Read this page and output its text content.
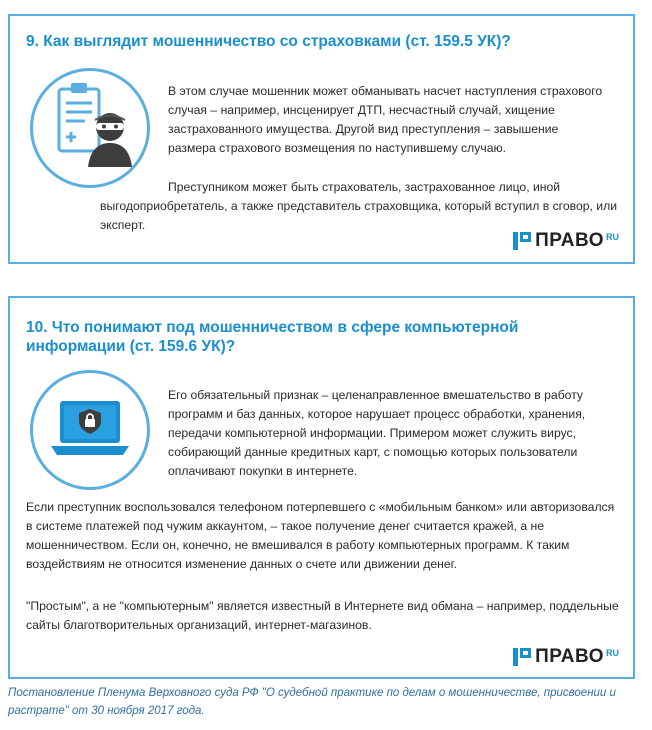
9. Как выглядит мошенничество со страховками (ст. 159.5 УК)?

В этом случае мошенник может обманывать насчет наступления страхового случая – например, инсценирует ДТП, несчастный случай, хищение застрахованного имущества. Другой вид преступления – завышение размера страхового возмещения по наступившему случаю.

Преступником может быть страхователь, застрахованное лицо, иной выгодоприобретатель, а также представитель страховщика, который вступил в сговор, или эксперт.

ПРАВО RU
10. Что понимают под мошенничеством в сфере компьютерной информации (ст. 159.6 УК)?

Его обязательный признак – целенаправленное вмешательство в работу программ и баз данных, которое нарушает процесс обработки, хранения, передачи компьютерной информации. Примером может служить вирус, собирающий данные кредитных карт, с помощью которых пользователи оплачивают покупки в интернете.

Если преступник воспользовался телефоном потерпевшего с «мобильным банком» или авторизовался в системе платежей под чужим аккаунтом, – такое получение денег считается кражей, а не мошенничеством. Если он, конечно, не вмешивался в работу компьютерных программ. К таким воздействиям не относится изменение данных о счете или движении денег.

"Простым", а не "компьютерным" является известный в Интернете вид обмана – например, поддельные сайты благотворительных организаций, интернет-магазинов.

ПРАВО RU
Постановление Пленума Верховного суда РФ "О судебной практике по делам о мошенничестве, присвоении и растрате" от 30 ноября 2017 года.
